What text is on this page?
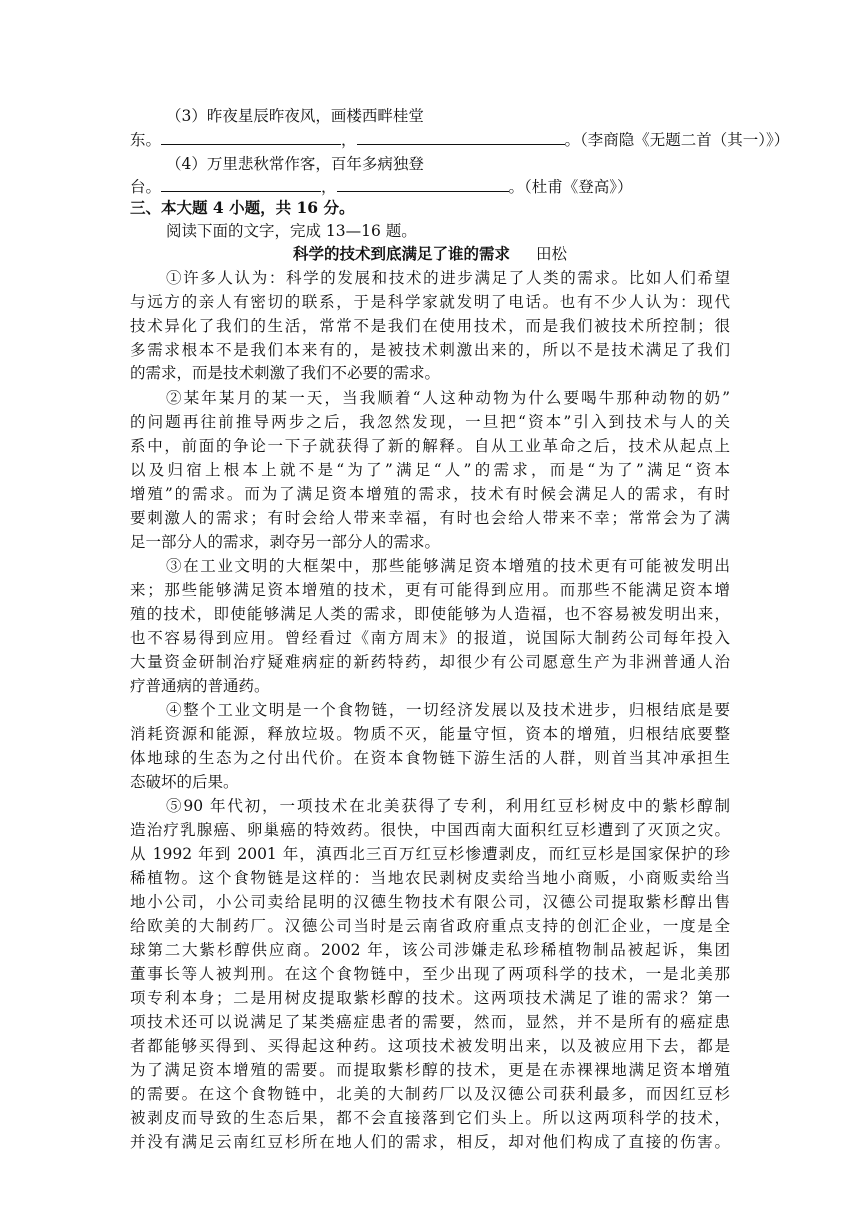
（3）昨夜星辰昨夜风，画楼西畔桂堂
东。	，	。（李商隐《无题二首（其一）》）
（4）万里悲秋常作客，百年多病独登
台。	，	。（杜甫《登高》）
三、本大题 4 小题，共 16 分。
阅读下面的文字，完成 13—16 题。
科学的技术到底满足了谁的需求 田松
①许多人认为：科学的发展和技术的进步满足了人类的需求。比如人们希望
与远方的亲人有密切的联系，于是科学家就发明了电话。也有不少人认为：现代
技术异化了我们的生活，常常不是我们在使用技术，而是我们被技术所控制；很
多需求根本不是我们本来有的，是被技术刺激出来的，所以不是技术满足了我们
的需求，而是技术刺激了我们不必要的需求。
②某年某月的某一天，当我顺着“人这种动物为什么要喝牛那种动物的奶”
的问题再往前推导两步之后，我忽然发现，一旦把“资本”引入到技术与人的关
系中，前面的争论一下子就获得了新的解释。自从工业革命之后，技术从起点上
以及归宿上根本上就不是“为了”满足“人”的需求，而是“为了”满足“资本
增殖”的需求。而为了满足资本增殖的需求，技术有时候会满足人的需求，有时
要刺激人的需求；有时会给人带来幸福，有时也会给人带来不幸；常常会为了满
足一部分人的需求，剥夺另一部分人的需求。
③在工业文明的大框架中，那些能够满足资本增殖的技术更有可能被发明出
来；那些能够满足资本增殖的技术，更有可能得到应用。而那些不能满足资本增
殖的技术，即使能够满足人类的需求，即使能够为人造福，也不容易被发明出来，
也不容易得到应用。曾经看过《南方周末》的报道，说国际大制药公司每年投入
大量资金研制治疗疑难病症的新药特药，却很少有公司愿意生产为非洲普通人治
疗普通病的普通药。
④整个工业文明是一个食物链，一切经济发展以及技术进步，归根结底是要
消耗资源和能源，释放垃圾。物质不灭，能量守恒，资本的增殖，归根结底要整
体地球的生态为之付出代价。在资本食物链下游生活的人群，则首当其冲承担生
态破坏的后果。
⑤90 年代初，一项技术在北美获得了专利，利用红豆杉树皮中的紫杉醇制
造治疗乳腺癌、卵巢癌的特效药。很快，中国西南大面积红豆杉遭到了灭顶之灾。
从 1992 年到 2001 年，滇西北三百万红豆杉惨遭剥皮，而红豆杉是国家保护的珍
稀植物。这个食物链是这样的：当地农民剥树皮卖给当地小商贩，小商贩卖给当
地小公司，小公司卖给昆明的汉德生物技术有限公司，汉德公司提取紫杉醇出售
给欧美的大制药厂。汉德公司当时是云南省政府重点支持的创汇企业，一度是全
球第二大紫杉醇供应商。2002 年，该公司涉嫌走私珍稀植物制品被起诉，集团
董事长等人被判刑。在这个食物链中，至少出现了两项科学的技术，一是北美那
项专利本身；二是用树皮提取紫杉醇的技术。这两项技术满足了谁的需求？第一
项技术还可以说满足了某类癌症患者的需要，然而，显然，并不是所有的癌症患
者都能够买得到、买得起这种药。这项技术被发明出来，以及被应用下去，都是
为了满足资本增殖的需要。而提取紫杉醇的技术，更是在赤裸裸地满足资本增殖
的需要。在这个食物链中，北美的大制药厂以及汉德公司获利最多，而因红豆杉
被剥皮而导致的生态后果，都不会直接落到它们头上。所以这两项科学的技术，
并没有满足云南红豆杉所在地人们的需求，相反，却对他们构成了直接的伤害。
